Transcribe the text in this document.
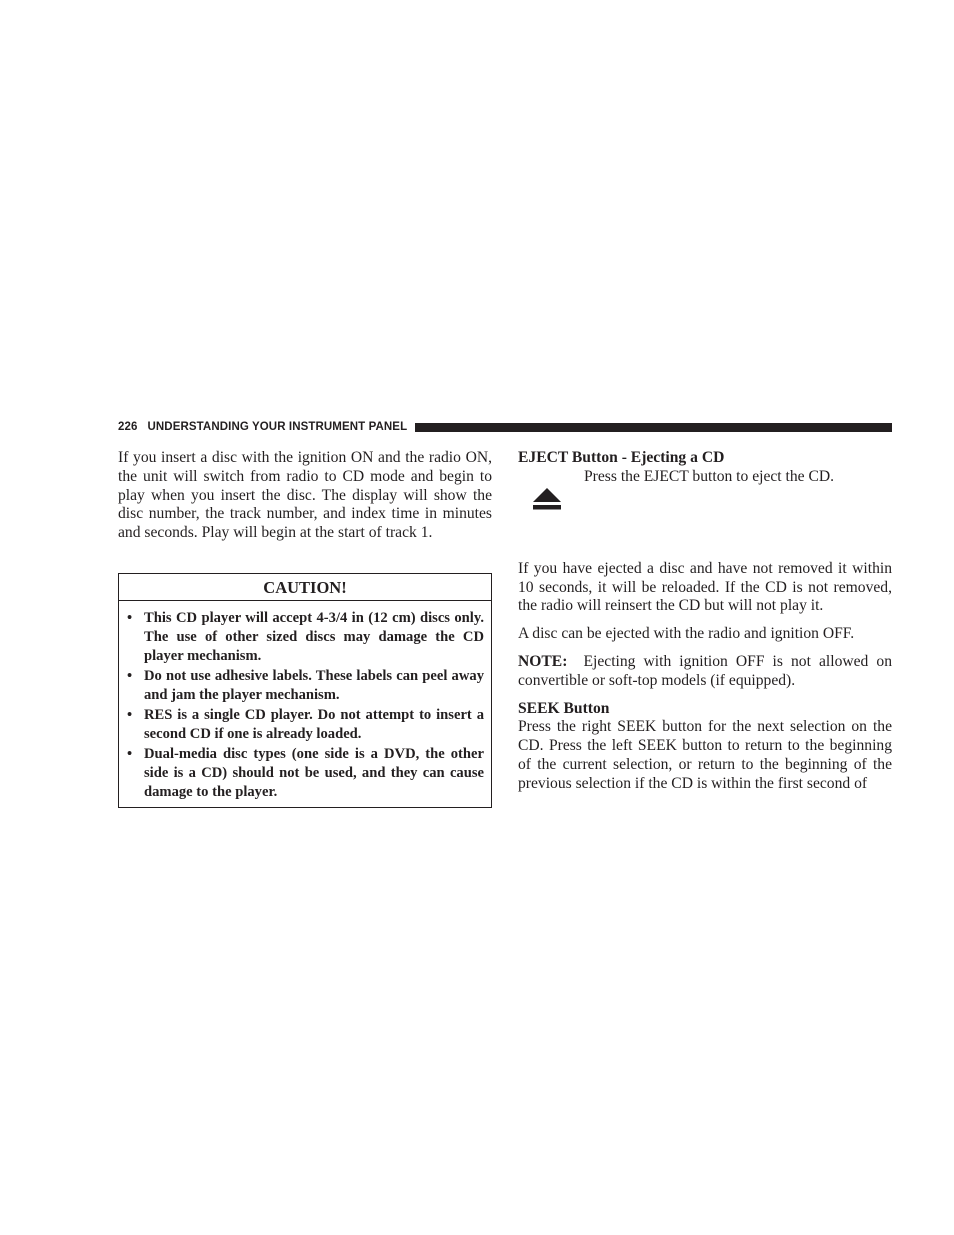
226 UNDERSTANDING YOUR INSTRUMENT PANEL

If you insert a disc with the ignition ON and the radio ON, the unit will switch from radio to CD mode and begin to play when you insert the disc. The display will show the disc number, the track number, and index time in minutes and seconds. Play will begin at the start of track 1.

CAUTION!
• This CD player will accept 4-3/4 in (12 cm) discs only. The use of other sized discs may damage the CD player mechanism.
• Do not use adhesive labels. These labels can peel away and jam the player mechanism.
• RES is a single CD player. Do not attempt to insert a second CD if one is already loaded.
• Dual-media disc types (one side is a DVD, the other side is a CD) should not be used, and they can cause damage to the player.
EJECT Button - Ejecting a CD
Press the EJECT button to eject the CD.

If you have ejected a disc and have not removed it within 10 seconds, it will be reloaded. If the CD is not removed, the radio will reinsert the CD but will not play it.

A disc can be ejected with the radio and ignition OFF.

NOTE: Ejecting with ignition OFF is not allowed on convertible or soft-top models (if equipped).

SEEK Button

Press the right SEEK button for the next selection on the CD. Press the left SEEK button to return to the beginning of the current selection, or return to the beginning of the previous selection if the CD is within the first second of
